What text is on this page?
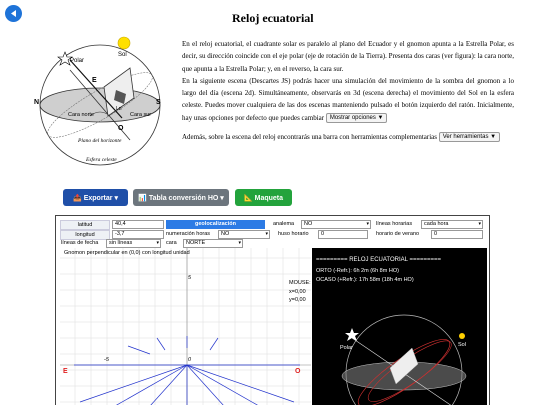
Polar
Sol
E
N	S
O
Ln
Cara norte	Cara sur
Plano del horizonte
Esfera celeste
Reloj ecuatorial

En el reloj ecuatorial, el cuadrante solar es paralelo al plano del Ecuador y el gnomon apunta a la Estrella Polar, es decir, su dirección coincide con el eje polar (eje de rotación de la Tierra). Presenta dos caras (ver figura): la cara norte, que apunta a la Estrella Polar; y, en el reverso, la cara sur.

En la siguiente escena (Descartes JS) podrás hacer una simulación del movimiento de la sombra del gnomon a lo largo del día (escena 2d). Simultáneamente, observarás en 3d (escena derecha) el movimiento del Sol en la esfera celeste. Puedes mover cualquiera de las dos escenas manteniendo pulsado el botón izquierdo del ratón. Inicialmente, hay unas opciones por defecto que puedes cambiar Mostrar opciones ▼

Además, sobre la escena del reloj encontrarás una barra con herramientas complementarias Ver herramientas ▼

📤 Exportar ▾	📊 Tabla conversión HO ▾	📐 Maqueta
latitud	40,4	geolocalización	analema	NO ▾	líneas horarias	cada hora ▾
longitud	-3,7	numeración horas	NO ▾	huso horario	0	horario de verano	0
líneas de fecha	sin líneas ▾	cara	NORTE ▾
Gnomon perpendicular en (0,0) con longitud unidad
MOUSE:
x=0,00
y=0,00
5
-5	0
E	O
========= RELOJ ECUATORIAL =========
ORTO (-Refr.): 6h 2m (6h 8m HO)
OCASO (+Refr.): 17h 58m (18h 4m HO)
Polar	Sol
